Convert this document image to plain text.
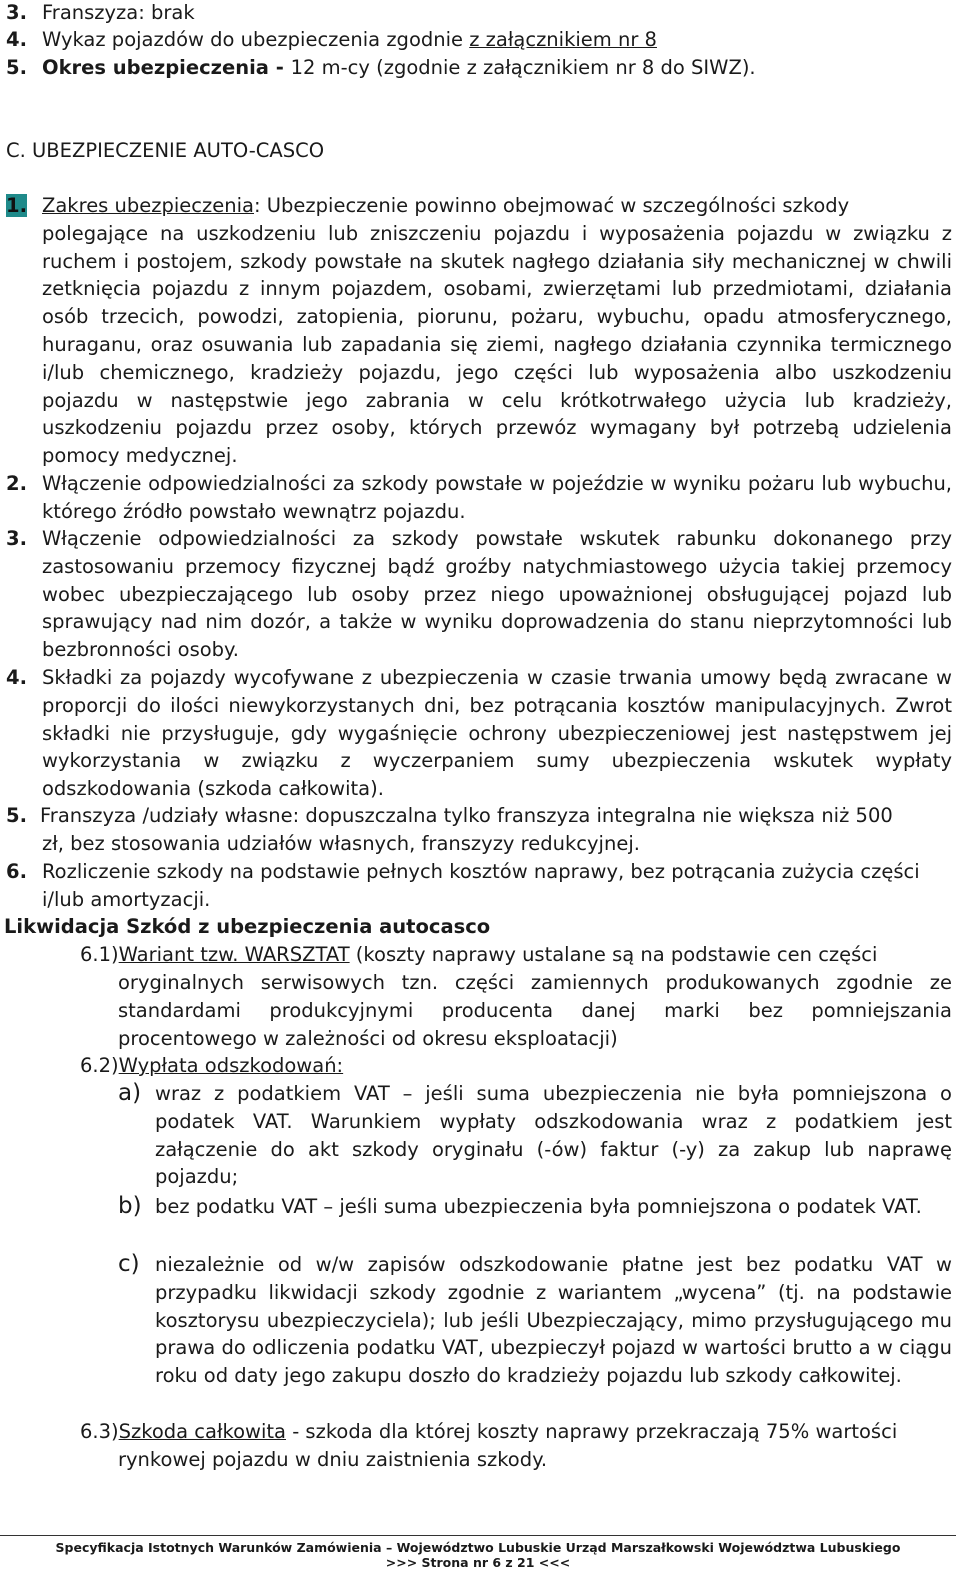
3. Franszyza: brak
4. Wykaz pojazdów do ubezpieczenia zgodnie z załącznikiem nr 8
5. Okres ubezpieczenia - 12 m-cy (zgodnie z załącznikiem nr 8 do SIWZ).
C. UBEZPIECZENIE AUTO-CASCO
1. Zakres ubezpieczenia: Ubezpieczenie powinno obejmować w szczególności szkody

polegające na uszkodzeniu lub zniszczeniu pojazdu i wyposażenia pojazdu w związku z ruchem i postojem, szkody powstałe na skutek nagłego działania siły mechanicznej w chwili zetknięcia pojazdu z innym pojazdem, osobami, zwierzętami lub przedmiotami, działania osób trzecich, powodzi, zatopienia, piorunu, pożaru, wybuchu, opadu atmosferycznego, huraganu, oraz osuwania lub zapadania się ziemi, nagłego działania czynnika termicznego i/lub chemicznego, kradzieży pojazdu, jego części lub wyposażenia albo uszkodzeniu pojazdu w następstwie jego zabrania w celu krótkotrwałego użycia lub kradzieży, uszkodzeniu pojazdu przez osoby, których przewóz wymagany był potrzebą udzielenia pomocy medycznej.

2. Włączenie odpowiedzialności za szkody powstałe w pojeździe w wyniku pożaru lub wybuchu, którego źródło powstało wewnątrz pojazdu.

3. Włączenie odpowiedzialności za szkody powstałe wskutek rabunku dokonanego przy zastosowaniu przemocy fizycznej bądź groźby natychmiastowego użycia takiej przemocy wobec ubezpieczającego lub osoby przez niego upoważnionej obsługującej pojazd lub sprawujący nad nim dozór, a także w wyniku doprowadzenia do stanu nieprzytomności lub bezbronności osoby.

4. Składki za pojazdy wycofywane z ubezpieczenia w czasie trwania umowy będą zwracane w proporcji do ilości niewykorzystanych dni, bez potrącania kosztów manipulacyjnych. Zwrot składki nie przysługuje, gdy wygaśnięcie ochrony ubezpieczeniowej jest następstwem jej wykorzystania w związku z wyczerpaniem sumy ubezpieczenia wskutek wypłaty odszkodowania (szkoda całkowita).

5. Franszyza /udziały własne: dopuszczalna tylko franszyza integralna nie większa niż 500
zł, bez stosowania udziałów własnych, franszyzy redukcyjnej.
6. Rozliczenie szkody na podstawie pełnych kosztów naprawy, bez potrącania zużycia części
i/lub amortyzacji.
Likwidacja Szkód z ubezpieczenia autocasco
6.1)Wariant tzw. WARSZTAT (koszty naprawy ustalane są na podstawie cen części

oryginalnych serwisowych tzn. części zamiennych produkowanych zgodnie ze standardami produkcyjnymi producenta danej marki bez pomniejszania procentowego w zależności od okresu eksploatacji)

6.2)Wypłata odszkodowań:
a) wraz z podatkiem VAT – jeśli suma ubezpieczenia nie była pomniejszona o podatek VAT. Warunkiem wypłaty odszkodowania wraz z podatkiem jest załączenie do akt szkody oryginału (-ów) faktur (-y) za zakup lub naprawę pojazdu;

b) bez podatku VAT – jeśli suma ubezpieczenia była pomniejszona o podatek VAT.

c) niezależnie od w/w zapisów odszkodowanie płatne jest bez podatku VAT w przypadku likwidacji szkody zgodnie z wariantem „wycena” (tj. na podstawie kosztorysu ubezpieczyciela); lub jeśli Ubezpieczający, mimo przysługującego mu prawa do odliczenia podatku VAT, ubezpieczył pojazd w wartości brutto a w ciągu roku od daty jego zakupu doszło do kradzieży pojazdu lub szkody całkowitej.

6.3)Szkoda całkowita - szkoda dla której koszty naprawy przekraczają 75% wartości
rynkowej pojazdu w dniu zaistnienia szkody.
Specyfikacja Istotnych Warunków Zamówienia – Województwo Lubuskie Urząd Marszałkowski Województwa Lubuskiego
>>> Strona nr 6 z 21 <<<
